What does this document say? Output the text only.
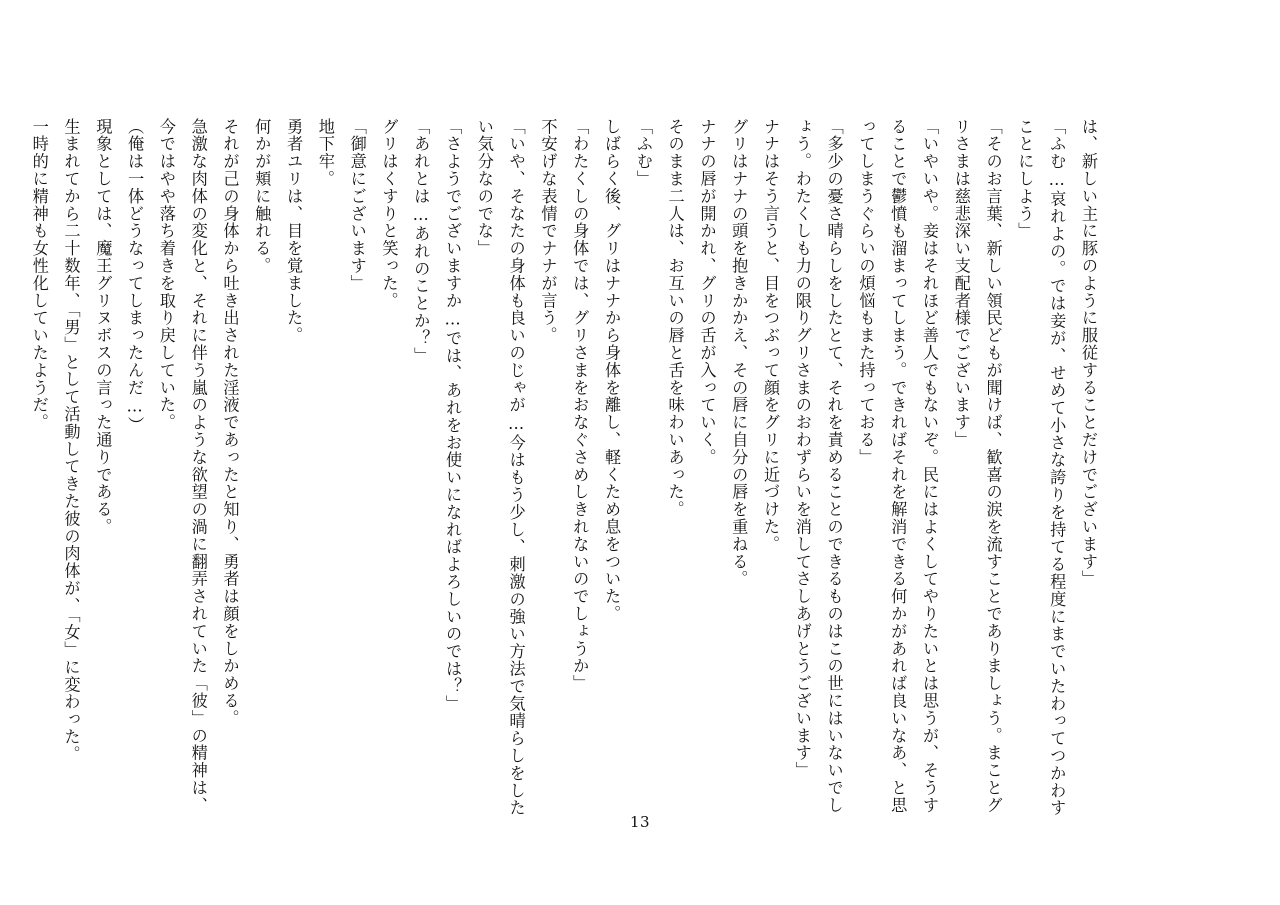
は、新しい主に豚のように服従することだけでございます」
「ふむ…哀れよの。では妾が、せめて小さな誇りを持てる程度にまでいたわってつかわす
ことにしよう」
「そのお言葉、新しい領民どもが聞けば、歓喜の涙を流すことでありましょう。まことグ
リさまは慈悲深い支配者様でございます」
「いやいや。妾はそれほど善人でもないぞ。民にはよくしてやりたいとは思うが、そうす
ることで鬱憤も溜まってしまう。できればそれを解消できる何かがあれば良いなあ、と思
ってしまうぐらいの煩悩もまた持っておる」
「多少の憂さ晴らしをしたとて、それを責めることのできるものはこの世にはいないでし
ょう。わたくしも力の限りグリさまのおわずらいを消してさしあげとうございます」
ナナはそう言うと、目をつぶって顔をグリに近づけた。
グリはナナの頭を抱きかかえ、その唇に自分の唇を重ねる。
ナナの唇が開かれ、グリの舌が入っていく。
そのまま二人は、お互いの唇と舌を味わいあった。
「ふむ」
しばらく後、グリはナナから身体を離し、軽くため息をついた。
「わたくしの身体では、グリさまをおなぐさめしきれないのでしょうか」
不安げな表情でナナが言う。
「いや、そなたの身体も良いのじゃが…今はもう少し、刺激の強い方法で気晴らしをした
い気分なのでな」
「さようでございますか…では、あれをお使いになればよろしいのでは？」
「あれとは…あれのことか？」
グリはくすりと笑った。
「御意にございます」
地下牢。
勇者ユリは、目を覚ました。
何かが頬に触れる。
それが己の身体から吐き出された淫液であったと知り、勇者は顔をしかめる。
急激な肉体の変化と、それに伴う嵐のような欲望の渦に翻弄されていた「彼」の精神は、
今ではやや落ち着きを取り戻していた。
（俺は一体どうなってしまったんだ…）
現象としては、魔王グリヌボスの言った通りである。
生まれてから二十数年、「男」として活動してきた彼の肉体が、「女」に変わった。
一時的に精神も女性化していたようだ。
13
